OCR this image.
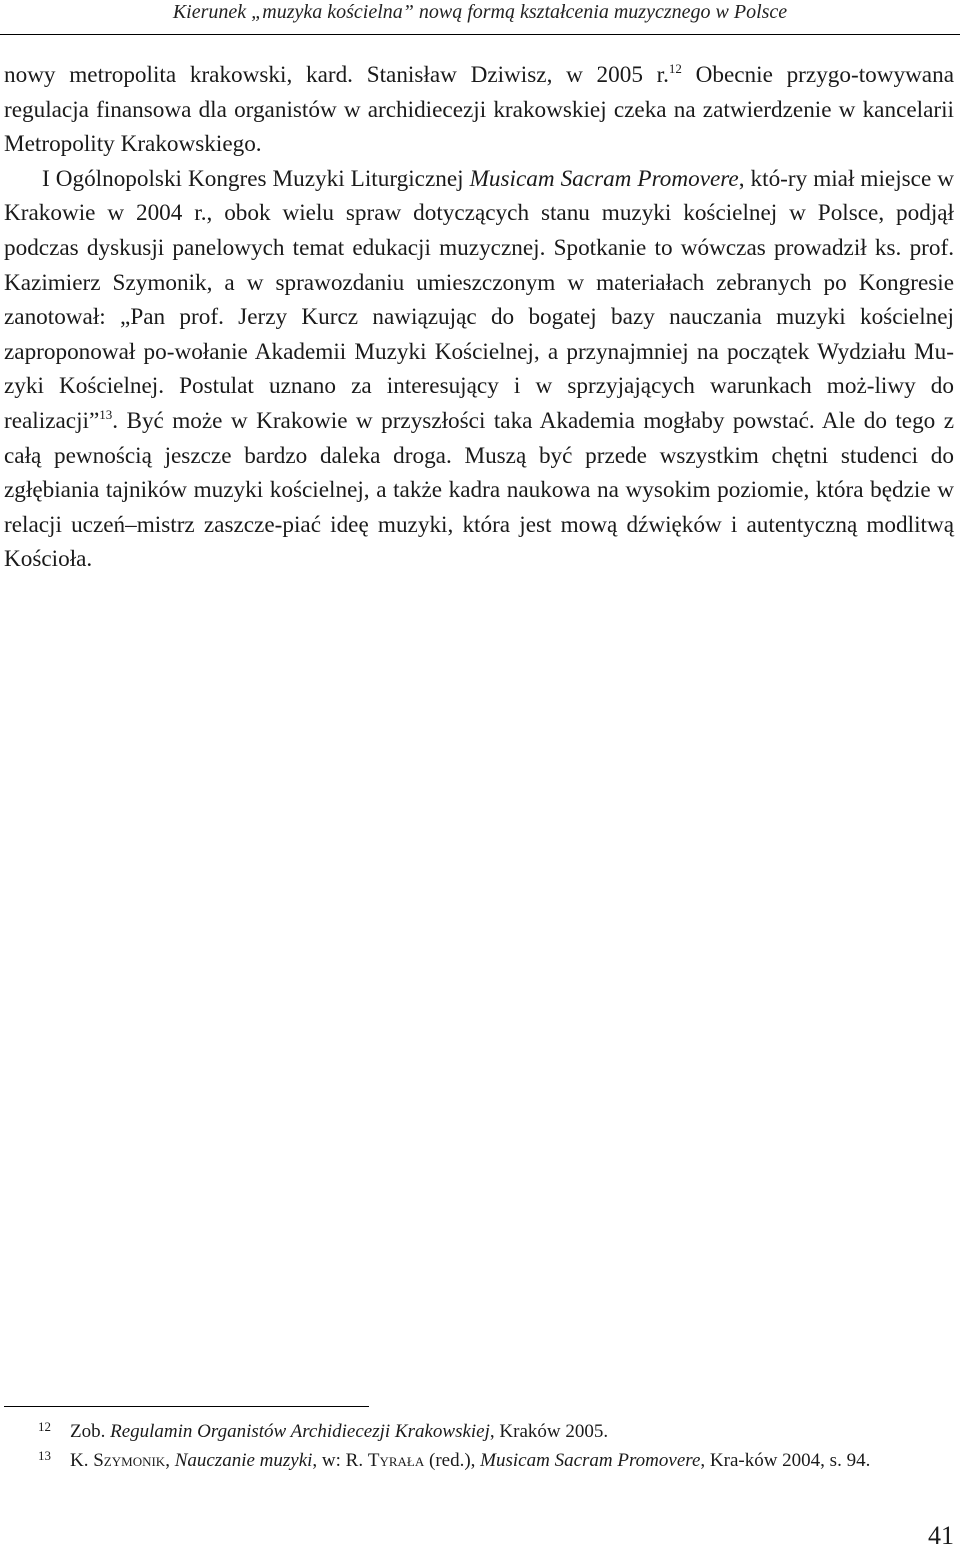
Kierunek „muzyka kościelna” nową formą kształcenia muzycznego w Polsce

nowy metropolita krakowski, kard. Stanisław Dziwisz, w 2005 r.$^{12}$ Obecnie przygo-towywana regulacja finansowa dla organistów w archidiecezji krakowskiej czeka na zatwierdzenie w kancelarii Metropolity Krakowskiego.

I Ogólnopolski Kongres Muzyki Liturgicznej Musicam Sacram Promovere, któ-ry miał miejsce w Krakowie w 2004 r., obok wielu spraw dotyczących stanu muzyki kościelnej w Polsce, podjął podczas dyskusji panelowych temat edukacji muzycznej. Spotkanie to wówczas prowadził ks. prof. Kazimierz Szymonik, a w sprawozdaniu umieszczonym w materiałach zebranych po Kongresie zanotował: „Pan prof. Jerzy Kurcz nawiązując do bogatej bazy nauczania muzyki kościelnej zaproponował po-wołanie Akademii Muzyki Kościelnej, a przynajmniej na początek Wydziału Mu-zyki Kościelnej. Postulat uznano za interesujący i w sprzyjających warunkach moż-liwy do realizacji”$^{13}$. Być może w Krakowie w przyszłości taka Akademia mogłaby powstać. Ale do tego z całą pewnością jeszcze bardzo daleka droga. Muszą być przede wszystkim chętni studenci do zgłębiania tajników muzyki kościelnej, a także kadra naukowa na wysokim poziomie, która będzie w relacji uczeń–mistrz zaszcze-piać ideę muzyki, która jest mową dźwięków i autentyczną modlitwą Kościoła.

12 Zob. Regulamin Organistów Archidiecezji Krakowskiej, Kraków 2005.

13 K. Szymonik, Nauczanie muzyki, w: R. Tyrała (red.), Musicam Sacram Promovere, Kra-ków 2004, s. 94.

41
